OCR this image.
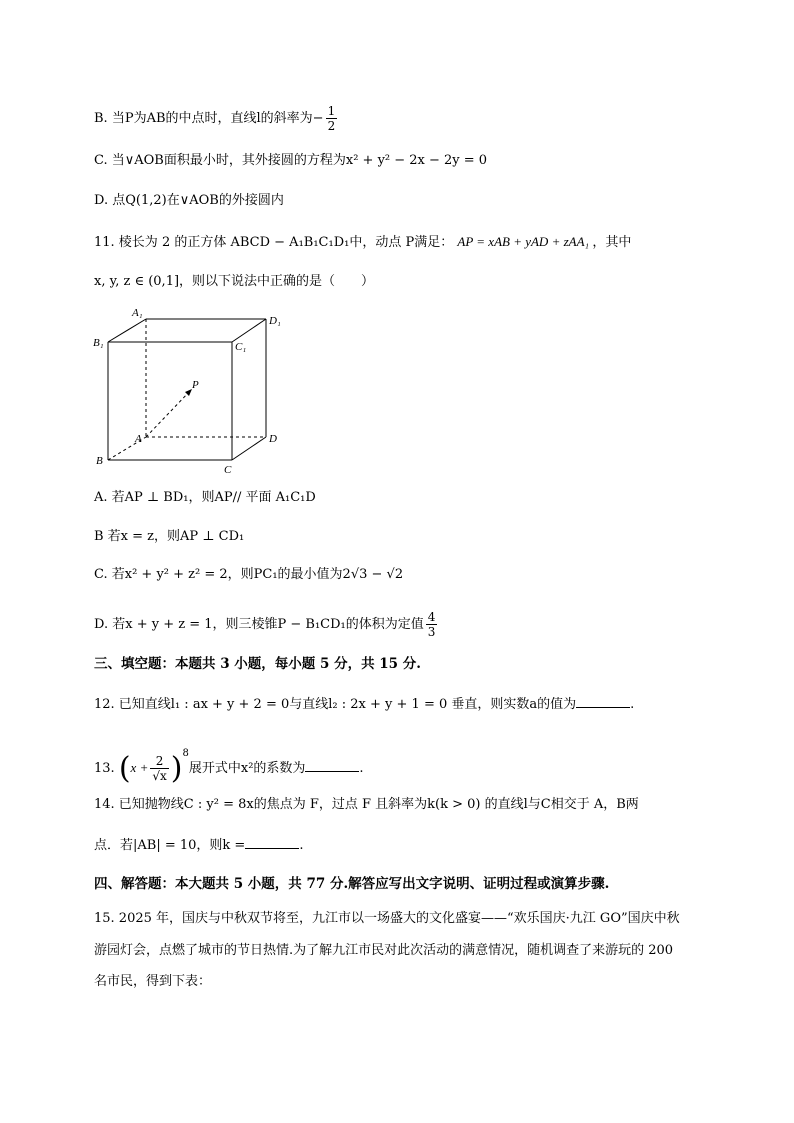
B. 当P为AB的中点时，直线l的斜率为− $\frac{1}{2}$
C. 当∨AOB面积最小时，其外接圆的方程为x² + y² − 2x − 2y = 0
D. 点Q(1,2)在∨AOB的外接圆内
11. 棱长为 2 的正方体 ABCD − A₁B₁C₁D₁中，动点 P满足： AP = xAB + yAD + zAA₁ ，其中
x, y, z ∈ (0,1]，则以下说法中正确的是（　　）
A₁
D₁
B₁	C₁
P
A	D
B
C
A. 若AP ⊥ BD₁，则AP// 平面 A₁C₁D
B 若x = z，则AP ⊥ CD₁
C. 若x² + y² + z² = 2，则PC₁的最小值为2√3 − √2
D. 若x + y + z = 1，则三棱锥P − B₁CD₁的体积为定值 $\frac{4}{3}$
三、填空题：本题共 3 小题，每小题 5 分，共 15 分.
12. 已知直线l₁ : ax + y + 2 = 0与直线l₂ : 2x + y + 1 = 0 垂直，则实数a的值为	.
13. $(x + \frac{2}{√x} )^8$展开式中x²的系数为	.
14. 已知抛物线C : y² = 8x的焦点为 F，过点 F 且斜率为k(k > 0) 的直线l与C相交于 A，B两
点．若|AB| = 10，则k =	.
四、解答题：本大题共 5 小题，共 77 分.解答应写出文字说明、证明过程或演算步骤.
15. 2025 年，国庆与中秋双节将至，九江市以一场盛大的文化盛宴——“欢乐国庆·九江 GO”国庆中秋
游园灯会，点燃了城市的节日热情.为了解九江市民对此次活动的满意情况，随机调查了来游玩的 200
名市民，得到下表：
